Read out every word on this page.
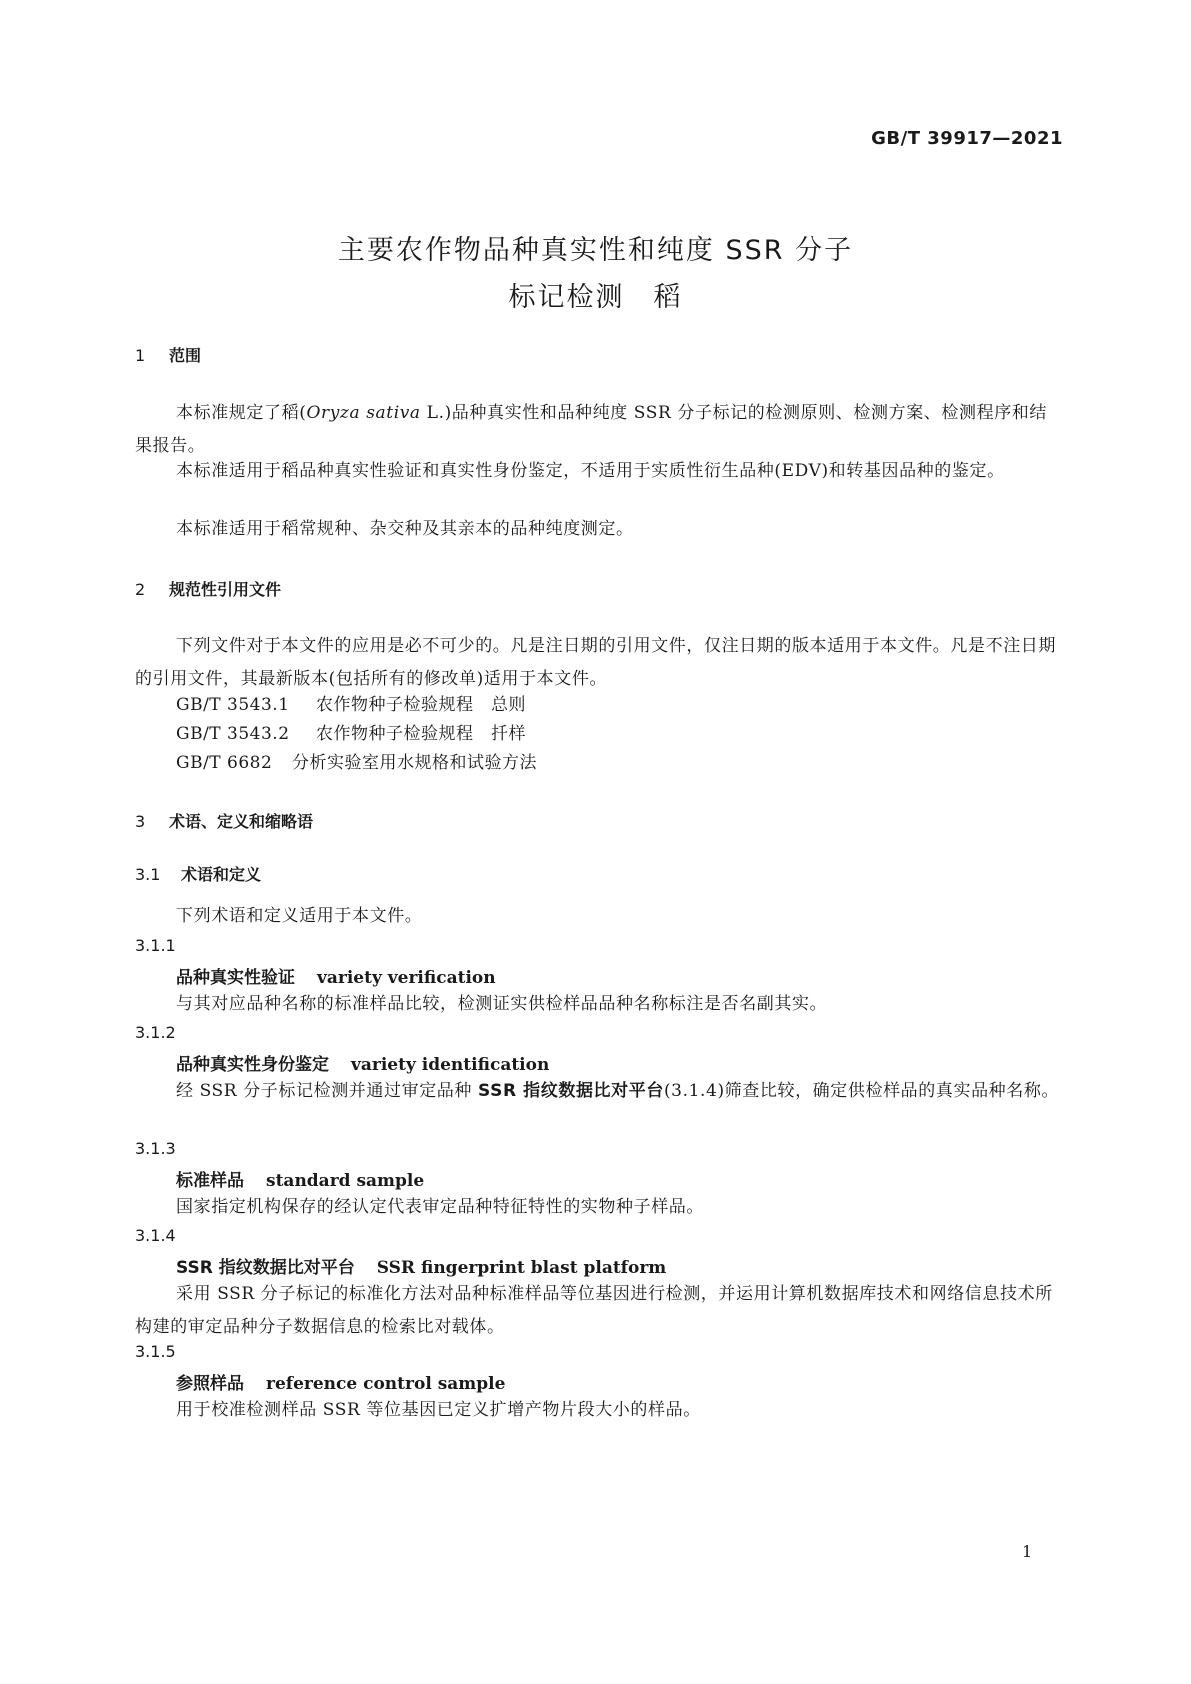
GB/T 39917—2021
主要农作物品种真实性和纯度 SSR 分子
标记检测　稻
1 范围
本标准规定了稻(Oryza sativa L.)品种真实性和品种纯度 SSR 分子标记的检测原则、检测方案、检测程序和结果报告。
本标准适用于稻品种真实性验证和真实性身份鉴定，不适用于实质性衍生品种(EDV)和转基因品种的鉴定。
本标准适用于稻常规种、杂交种及其亲本的品种纯度测定。
2 规范性引用文件
下列文件对于本文件的应用是必不可少的。凡是注日期的引用文件，仅注日期的版本适用于本文件。凡是不注日期的引用文件，其最新版本(包括所有的修改单)适用于本文件。
GB/T 3543.1 农作物种子检验规程　总则
GB/T 3543.2 农作物种子检验规程　扦样
GB/T 6682 分析实验室用水规格和试验方法
3 术语、定义和缩略语
3.1 术语和定义
下列术语和定义适用于本文件。
3.1.1
品种真实性验证 variety verification
与其对应品种名称的标准样品比较，检测证实供检样品品种名称标注是否名副其实。
3.1.2
品种真实性身份鉴定 variety identification
经 SSR 分子标记检测并通过审定品种 SSR 指纹数据比对平台(3.1.4)筛查比较，确定供检样品的真实品种名称。
3.1.3
标准样品 standard sample
国家指定机构保存的经认定代表审定品种特征特性的实物种子样品。
3.1.4
SSR 指纹数据比对平台 SSR fingerprint blast platform
采用 SSR 分子标记的标准化方法对品种标准样品等位基因进行检测，并运用计算机数据库技术和网络信息技术所构建的审定品种分子数据信息的检索比对载体。
3.1.5
参照样品 reference control sample
用于校准检测样品 SSR 等位基因已定义扩增产物片段大小的样品。
1
